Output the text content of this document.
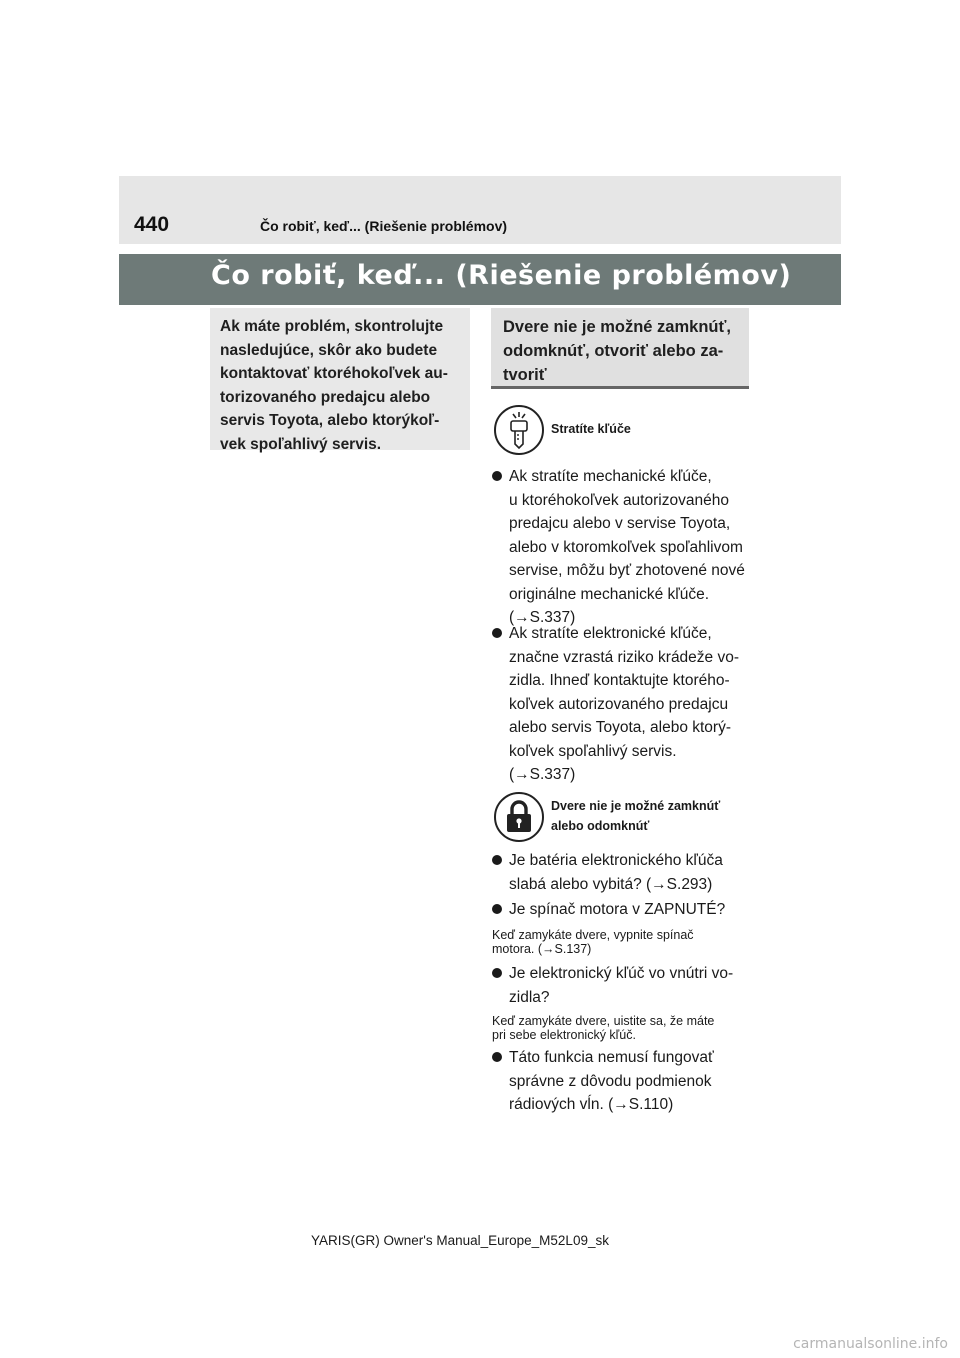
440	Čo robiť, keď... (Riešenie problémov)
Čo robiť, keď... (Riešenie problémov)
Ak máte problém, skontrolujte
nasledujúce, skôr ako budete
kontaktovať ktoréhokoľvek au-
torizovaného predajcu alebo
servis Toyota, alebo ktorýkoľ-
vek spoľahlivý servis.
Dvere nie je možné zamknúť,
odomknúť, otvoriť alebo za-
tvoriť
Stratíte kľúče
Ak stratíte mechanické kľúče,
u ktoréhokoľvek autorizovaného
predajcu alebo v servise Toyota,
alebo v ktoromkoľvek spoľahlivom
servise, môžu byť zhotovené nové
originálne mechanické kľúče.
(→S.337)
Ak stratíte elektronické kľúče,
značne vzrastá riziko krádeže vo-
zidla. Ihneď kontaktujte ktorého-
koľvek autorizovaného predajcu
alebo servis Toyota, alebo ktorý-
koľvek spoľahlivý servis.
(→S.337)
Dvere nie je možné zamknúť
alebo odomknúť
Je batéria elektronického kľúča
slabá alebo vybitá? (→S.293)
Je spínač motora v ZAPNUTÉ?
Keď zamykáte dvere, vypnite spínač
motora. (→S.137)
Je elektronický kľúč vo vnútri vo-
zidla?
Keď zamykáte dvere, uistite sa, že máte
pri sebe elektronický kľúč.
Táto funkcia nemusí fungovať
správne z dôvodu podmienok
rádiových vĺn. (→S.110)
YARIS(GR) Owner's Manual_Europe_M52L09_sk
carmanualsonline.info
